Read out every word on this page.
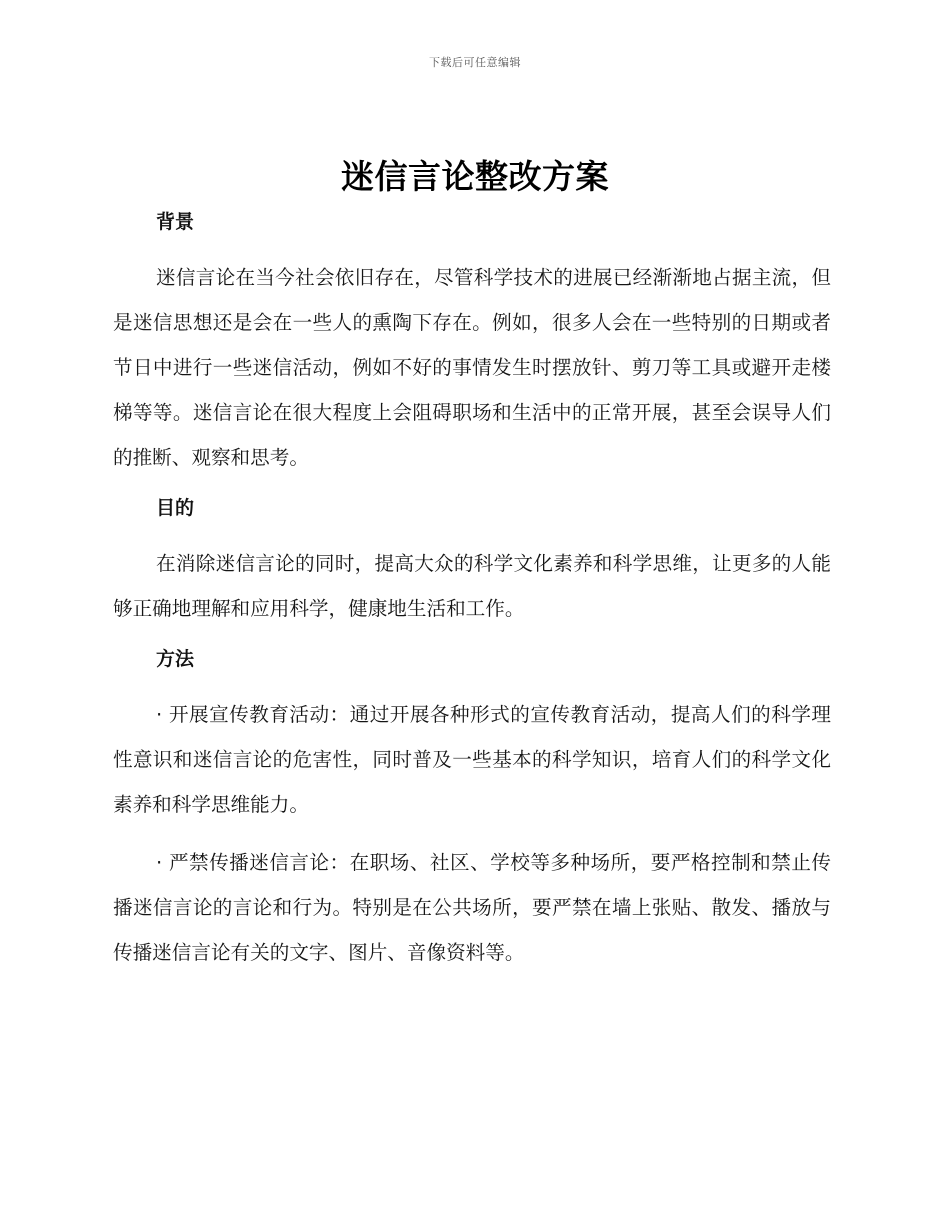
下载后可任意编辑
迷信言论整改方案
背景

迷信言论在当今社会依旧存在，尽管科学技术的进展已经渐渐地占据主流，但是迷信思想还是会在一些人的熏陶下存在。例如，很多人会在一些特别的日期或者节日中进行一些迷信活动，例如不好的事情发生时摆放针、剪刀等工具或避开走楼梯等等。迷信言论在很大程度上会阻碍职场和生活中的正常开展，甚至会误导人们的推断、观察和思考。

目的

在消除迷信言论的同时，提高大众的科学文化素养和科学思维，让更多的人能够正确地理解和应用科学，健康地生活和工作。

方法

· 开展宣传教育活动：通过开展各种形式的宣传教育活动，提高人们的科学理性意识和迷信言论的危害性，同时普及一些基本的科学知识，培育人们的科学文化素养和科学思维能力。

· 严禁传播迷信言论：在职场、社区、学校等多种场所，要严格控制和禁止传播迷信言论的言论和行为。特别是在公共场所，要严禁在墙上张贴、散发、播放与传播迷信言论有关的文字、图片、音像资料等。
